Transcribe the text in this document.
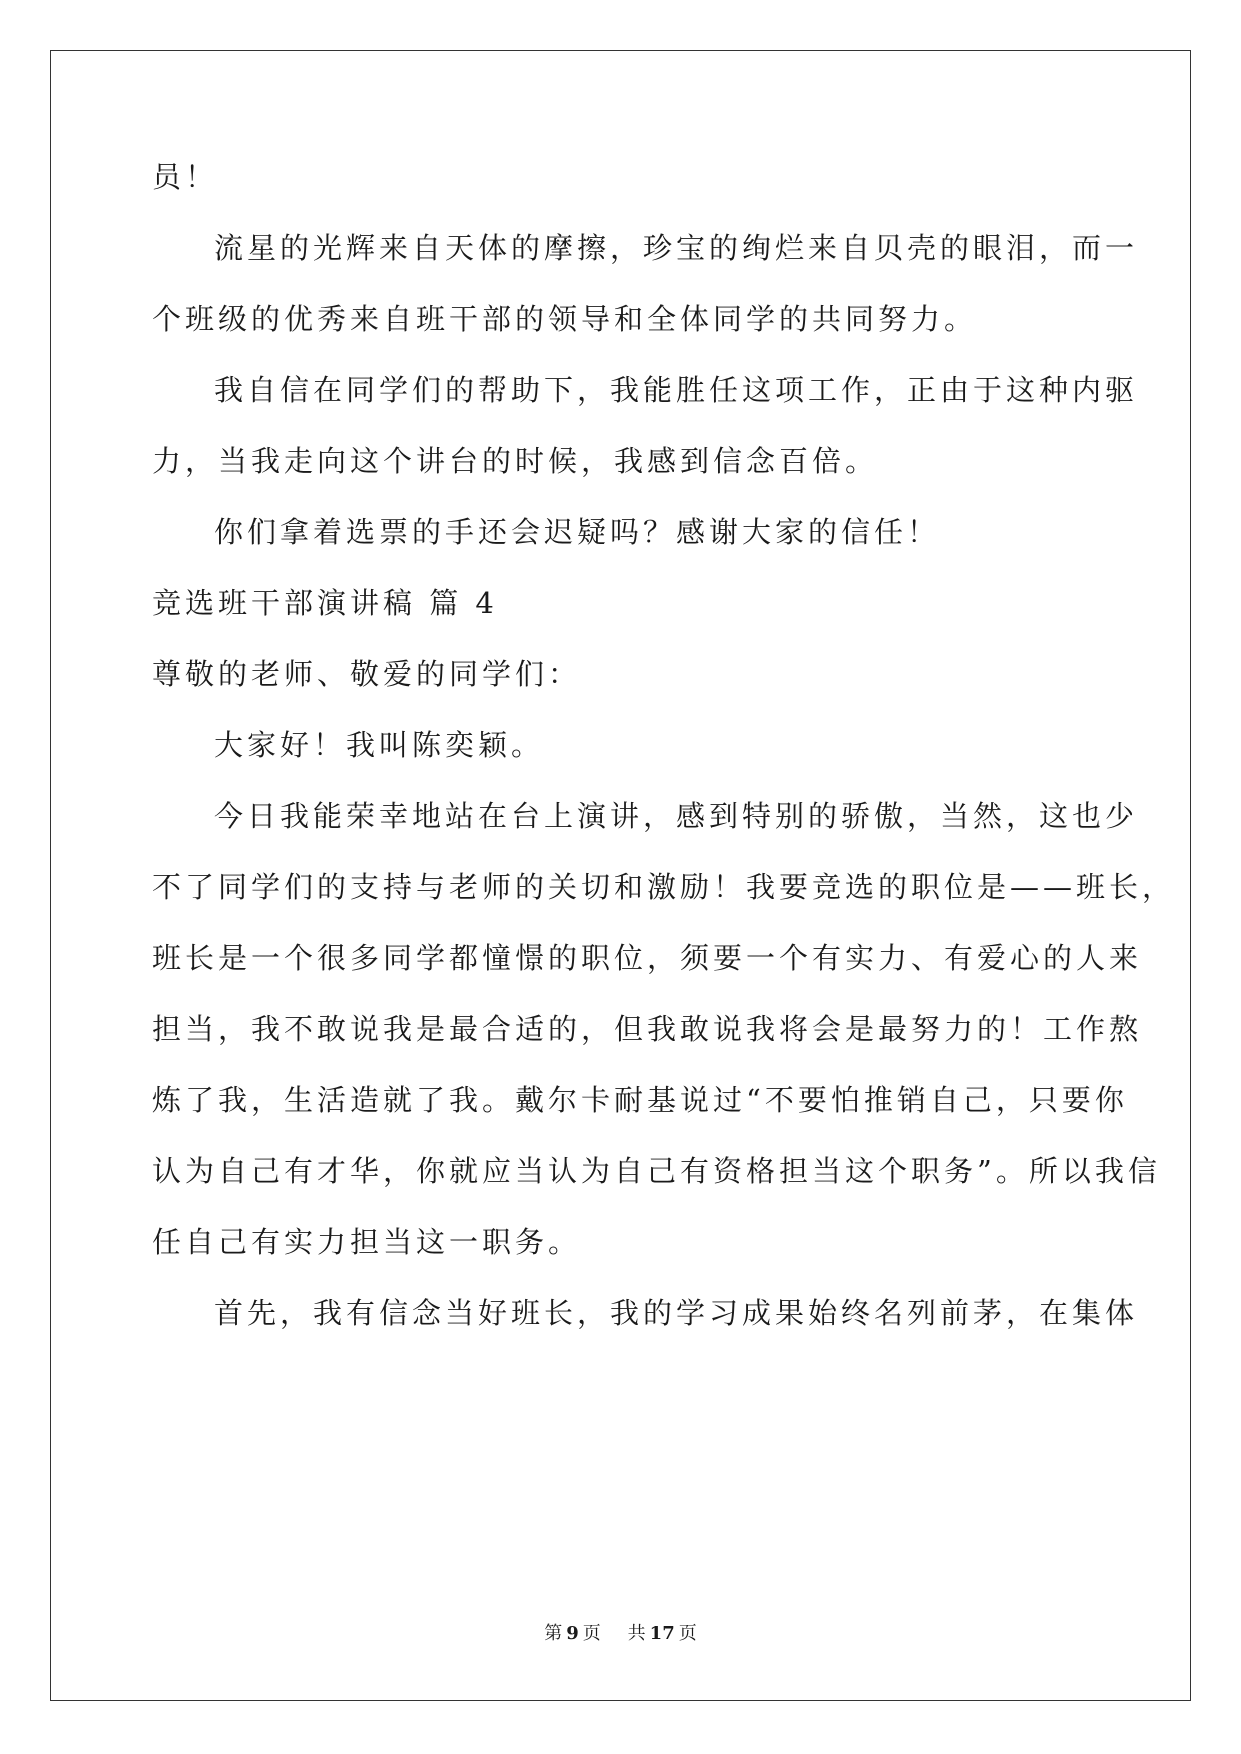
员！
流星的光辉来自天体的摩擦，珍宝的绚烂来自贝壳的眼泪，而一
个班级的优秀来自班干部的领导和全体同学的共同努力。
我自信在同学们的帮助下，我能胜任这项工作，正由于这种内驱
力，当我走向这个讲台的时候，我感到信念百倍。
你们拿着选票的手还会迟疑吗？感谢大家的信任！
竞选班干部演讲稿 篇 4
尊敬的老师、敬爱的同学们：
大家好！我叫陈奕颖。
今日我能荣幸地站在台上演讲，感到特别的骄傲，当然，这也少
不了同学们的支持与老师的关切和激励！我要竞选的职位是——班长，
班长是一个很多同学都憧憬的职位，须要一个有实力、有爱心的人来
担当，我不敢说我是最合适的，但我敢说我将会是最努力的！工作熬
炼了我，生活造就了我。戴尔卡耐基说过“不要怕推销自己，只要你
认为自己有才华，你就应当认为自己有资格担当这个职务”。所以我信
任自己有实力担当这一职务。
首先，我有信念当好班长，我的学习成果始终名列前茅，在集体
第 9 页 共 17 页
